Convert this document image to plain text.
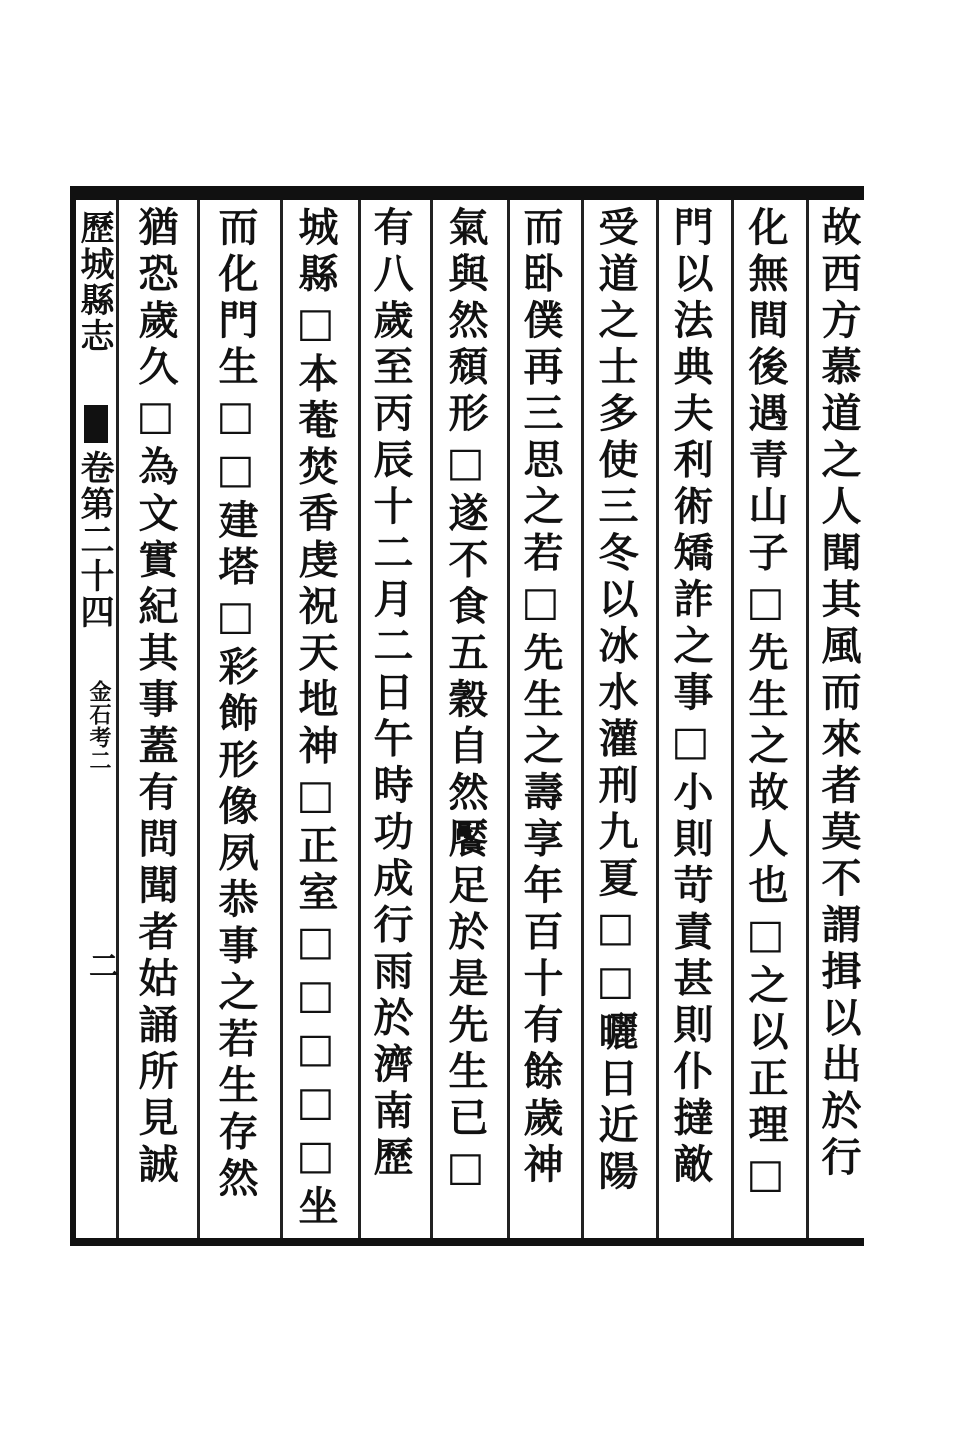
歷城縣志
卷第二十四
金石考二
二	故西方慕道之人聞其風而來者莫不謂揖以出於行
化無間後遇青山子□先生之故人也□之以正理□
門以法典夫利術矯詐之事□小則苛責甚則仆撻敵
受道之士多使三冬以冰水灌刑九夏□□曬日近陽
而卧僕再三思之若□先生之壽享年百十有餘歲神
氣與然頹形□遂不食五穀自然饜足於是先生已□
有八歲至丙辰十二月二日午時功成行雨於濟南歷
城縣□本菴焚香虔祝天地神□正室□□□□□坐
而化門生□□建塔□彩飾形像夙恭事之若生存然
猶恐歲久□為文實紀其事蓋有問聞者姑誦所見誠
